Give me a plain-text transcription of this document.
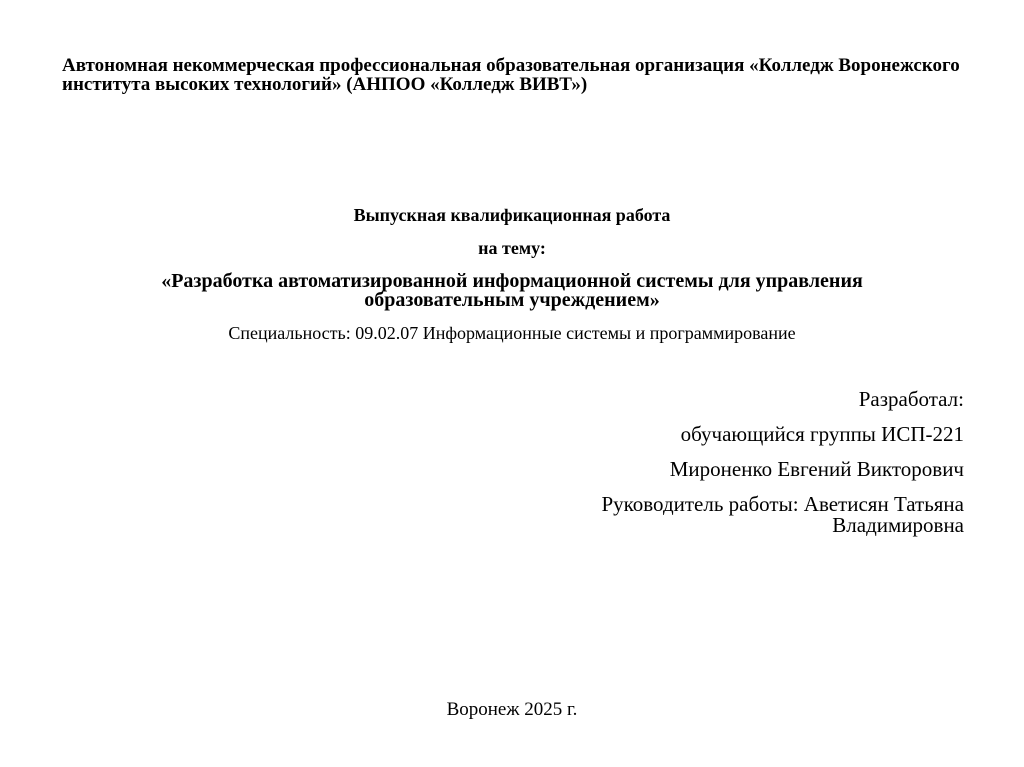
Автономная некоммерческая профессиональная образовательная организация «Колледж Воронежского института высоких технологий» (АНПОО «Колледж ВИВТ»)
Выпускная квалификационная работа
на тему:
«Разработка автоматизированной информационной системы для управления образовательным учреждением»
Специальность: 09.02.07 Информационные системы и программирование
Разработал:
обучающийся группы ИСП-221
Мироненко Евгений Викторович
Руководитель работы: Аветисян Татьяна Владимировна
Воронеж 2025 г.
